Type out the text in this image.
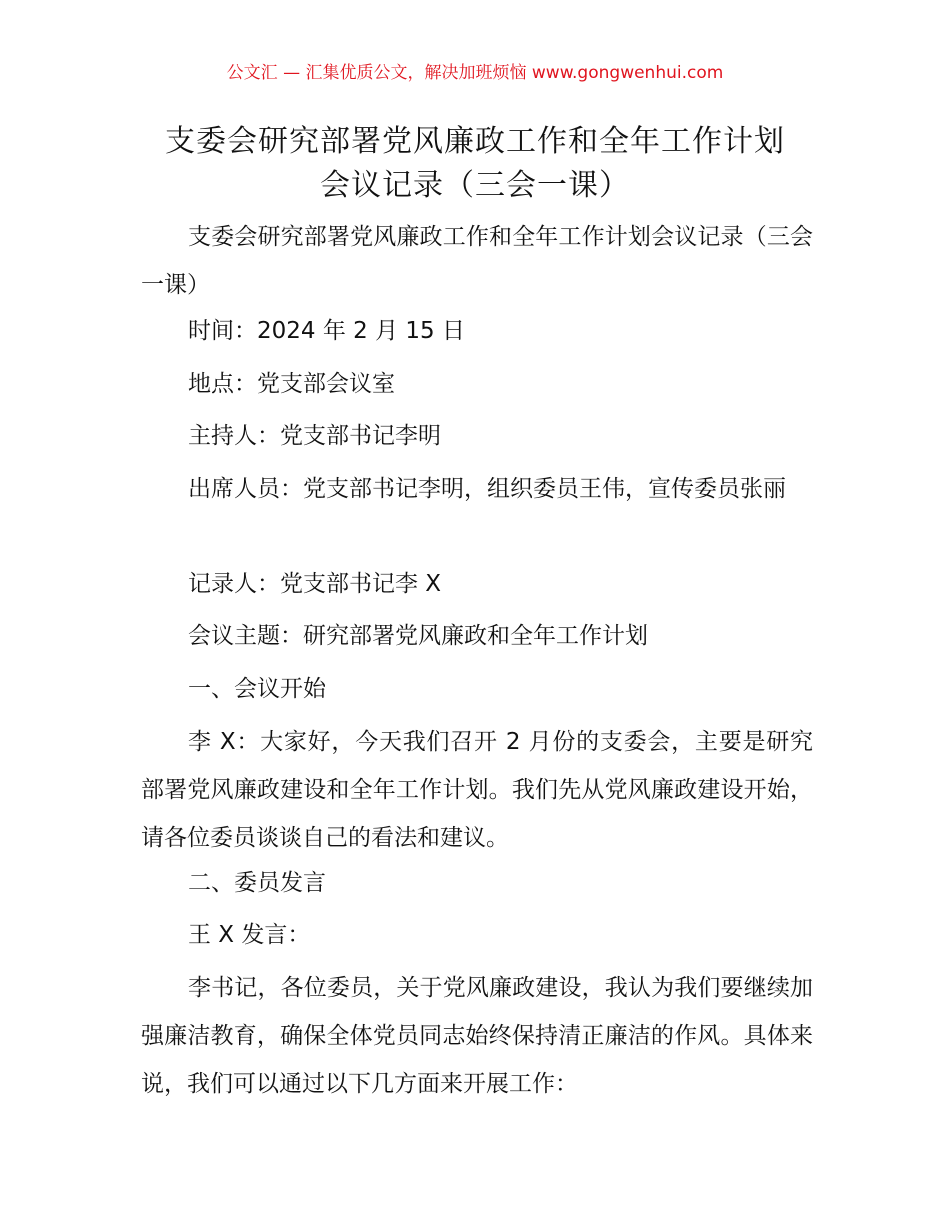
公文汇 — 汇集优质公文，解决加班烦恼 www.gongwenhui.com
支委会研究部署党风廉政工作和全年工作计划
会议记录（三会一课）
支委会研究部署党风廉政工作和全年工作计划会议记录（三会一课）
时间：2024 年 2 月 15 日
地点：党支部会议室
主持人：党支部书记李明
出席人员：党支部书记李明，组织委员王伟，宣传委员张丽
记录人：党支部书记李 X
会议主题：研究部署党风廉政和全年工作计划
一、会议开始
李 X：大家好，今天我们召开 2 月份的支委会，主要是研究部署党风廉政建设和全年工作计划。我们先从党风廉政建设开始，请各位委员谈谈自己的看法和建议。
二、委员发言
王 X 发言：
李书记，各位委员，关于党风廉政建设，我认为我们要继续加强廉洁教育，确保全体党员同志始终保持清正廉洁的作风。具体来说，我们可以通过以下几方面来开展工作：
